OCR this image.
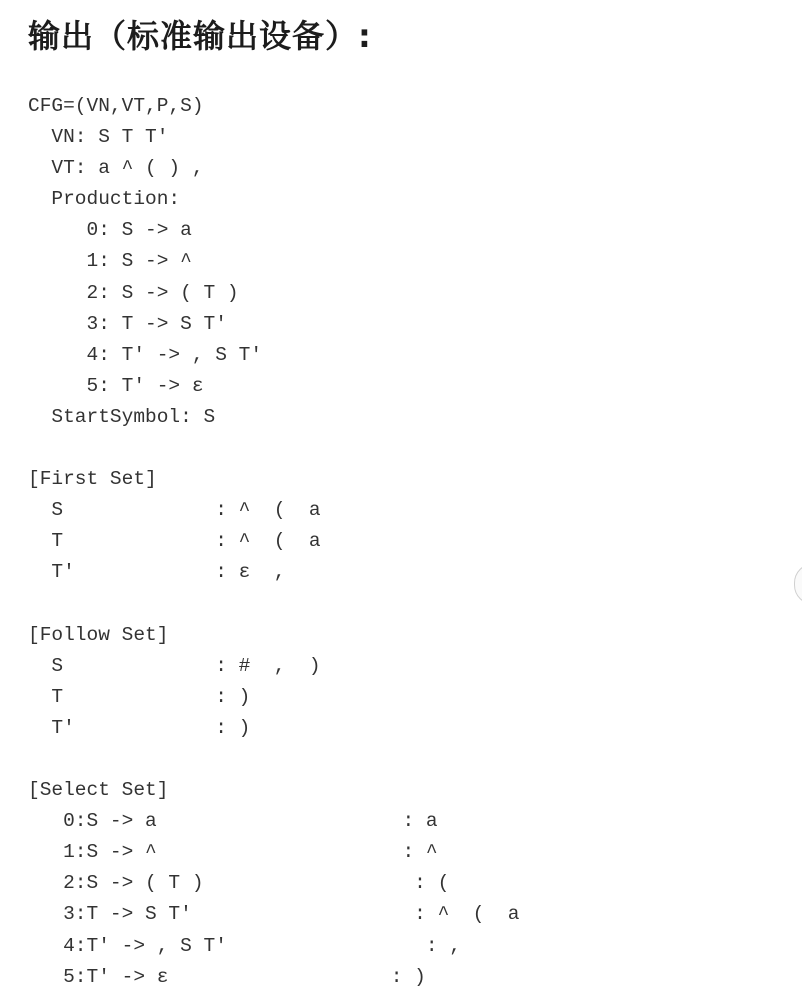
输出（标准输出设备）:
CFG=(VN,VT,P,S)
VN: S T T'
VT: a ^ ( ) ,
Production:
0: S -> a
1: S -> ^
2: S -> ( T )
3: T -> S T'
4: T' -> , S T'
5: T' -> ε
StartSymbol: S
[First Set]
S             : ^  (  a
T             : ^  (  a
T'            : ε  ,
[Follow Set]
S             : #  ,  )
T             : )
T'            : )
[Select Set]
0:S -> a                     : a
1:S -> ^                     : ^
2:S -> ( T )                  : (
3:T -> S T'                   : ^  (  a
4:T' -> , S T'                 : ,
5:T' -> ε                   : )
